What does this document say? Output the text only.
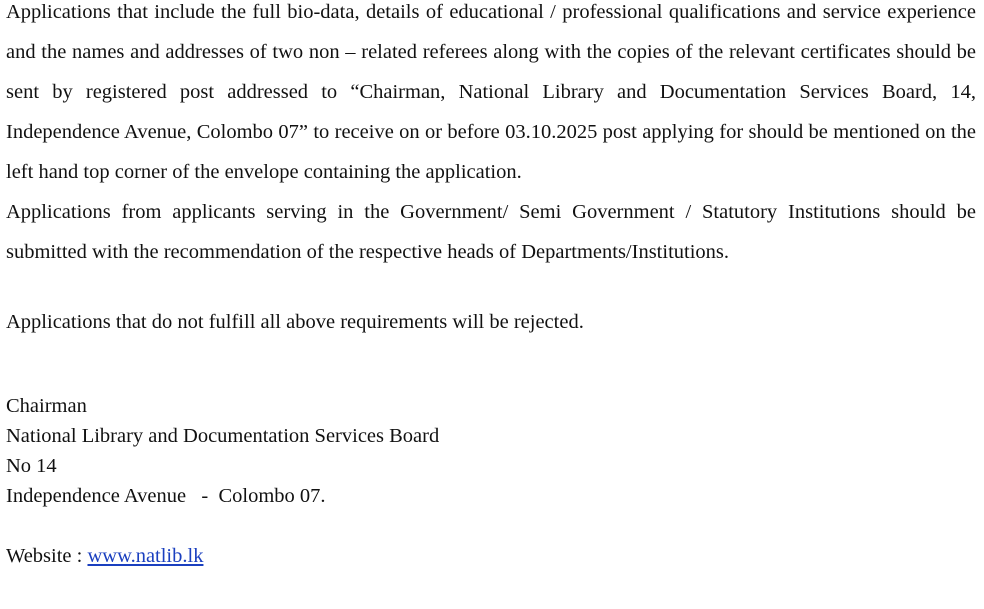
Applications that include the full bio-data, details of educational / professional qualifications and service experience and the names and addresses of two non – related referees along with the copies of the relevant certificates should be sent by registered post addressed to “Chairman, National Library and Documentation Services Board, 14, Independence Avenue, Colombo 07” to receive on or before 03.10.2025 post applying for should be mentioned on the left hand top corner of the envelope containing the application.

Applications from applicants serving in the Government/ Semi Government / Statutory Institutions should be submitted with the recommendation of the respective heads of Departments/Institutions.

Applications that do not fulfill all above requirements will be rejected.

Chairman
National Library and Documentation Services Board
No 14
Independence Avenue   -  Colombo 07.

Website : www.natlib.lk
